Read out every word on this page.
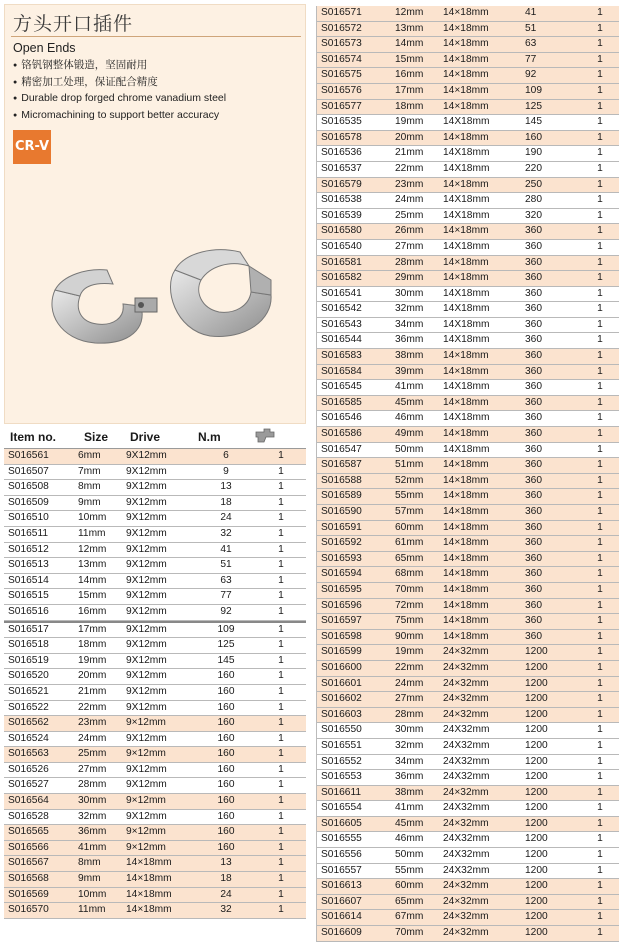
方头开口插件
Open Ends
● 铬钒钢整体锻造，坚固耐用
● 精密加工处理，保证配合精度
● Durable drop forged chrome vanadium steel
● Micromachining to support better accuracy
CR-V
Item no. Size Drive	N.m
S016561	6mm	9X12mm	6	1
S016507	7mm	9X12mm	9	1
S016508	8mm	9X12mm	13	1
S016509	9mm	9X12mm	18	1
S016510	10mm	9X12mm	24	1
S016511	11mm	9X12mm	32	1
S016512	12mm	9X12mm	41	1
S016513	13mm	9X12mm	51	1
S016514	14mm	9X12mm	63	1
S016515	15mm	9X12mm	77	1
S016516	16mm	9X12mm	92	1
S016517	17mm	9X12mm	109	1
S016518	18mm	9X12mm	125	1
S016519	19mm	9X12mm	145	1
S016520	20mm	9X12mm	160	1
S016521	21mm	9X12mm	160	1
S016522	22mm	9X12mm	160	1
S016562	23mm	9×12mm	160	1
S016524	24mm	9X12mm	160	1
S016563	25mm	9×12mm	160	1
S016526	27mm	9X12mm	160	1
S016527	28mm	9X12mm	160	1
S016564	30mm	9×12mm	160	1
S016528	32mm	9X12mm	160	1
S016565	36mm	9×12mm	160	1
S016566	41mm	9×12mm	160	1
S016567	8mm	14×18mm	13	1
S016568	9mm	14×18mm	18	1
S016569	10mm	14×18mm	24	1
S016570	11mm	14×18mm	32	1
S016571	12mm	14×18mm	41	1
S016572	13mm	14×18mm	51	1
S016573	14mm	14×18mm	63	1
S016574	15mm	14×18mm	77	1
S016575	16mm	14×18mm	92	1
S016576	17mm	14×18mm	109	1
S016577	18mm	14×18mm	125	1
S016535	19mm	14X18mm	145	1
S016578	20mm	14×18mm	160	1
S016536	21mm	14X18mm	190	1
S016537	22mm	14X18mm	220	1
S016579	23mm	14×18mm	250	1
S016538	24mm	14X18mm	280	1
S016539	25mm	14X18mm	320	1
S016580	26mm	14×18mm	360	1
S016540	27mm	14X18mm	360	1
S016581	28mm	14×18mm	360	1
S016582	29mm	14×18mm	360	1
S016541	30mm	14X18mm	360	1
S016542	32mm	14X18mm	360	1
S016543	34mm	14X18mm	360	1
S016544	36mm	14X18mm	360	1
S016583	38mm	14×18mm	360	1
S016584	39mm	14×18mm	360	1
S016545	41mm	14X18mm	360	1
S016585	45mm	14×18mm	360	1
S016546	46mm	14X18mm	360	1
S016586	49mm	14×18mm	360	1
S016547	50mm	14X18mm	360	1
S016587	51mm	14×18mm	360	1
S016588	52mm	14×18mm	360	1
S016589	55mm	14×18mm	360	1
S016590	57mm	14×18mm	360	1
S016591	60mm	14×18mm	360	1
S016592	61mm	14×18mm	360	1
S016593	65mm	14×18mm	360	1
S016594	68mm	14×18mm	360	1
S016595	70mm	14×18mm	360	1
S016596	72mm	14×18mm	360	1
S016597	75mm	14×18mm	360	1
S016598	90mm	14×18mm	360	1
S016599	19mm	24×32mm	1200	1
S016600	22mm	24×32mm	1200	1
S016601	24mm	24×32mm	1200	1
S016602	27mm	24×32mm	1200	1
S016603	28mm	24×32mm	1200	1
S016550	30mm	24X32mm	1200	1
S016551	32mm	24X32mm	1200	1
S016552	34mm	24X32mm	1200	1
S016553	36mm	24X32mm	1200	1
S016611	38mm	24×32mm	1200	1
S016554	41mm	24X32mm	1200	1
S016605	45mm	24×32mm	1200	1
S016555	46mm	24X32mm	1200	1
S016556	50mm	24X32mm	1200	1
S016557	55mm	24X32mm	1200	1
S016613	60mm	24×32mm	1200	1
S016607	65mm	24×32mm	1200	1
S016614	67mm	24×32mm	1200	1
S016609	70mm	24×32mm	1200	1
